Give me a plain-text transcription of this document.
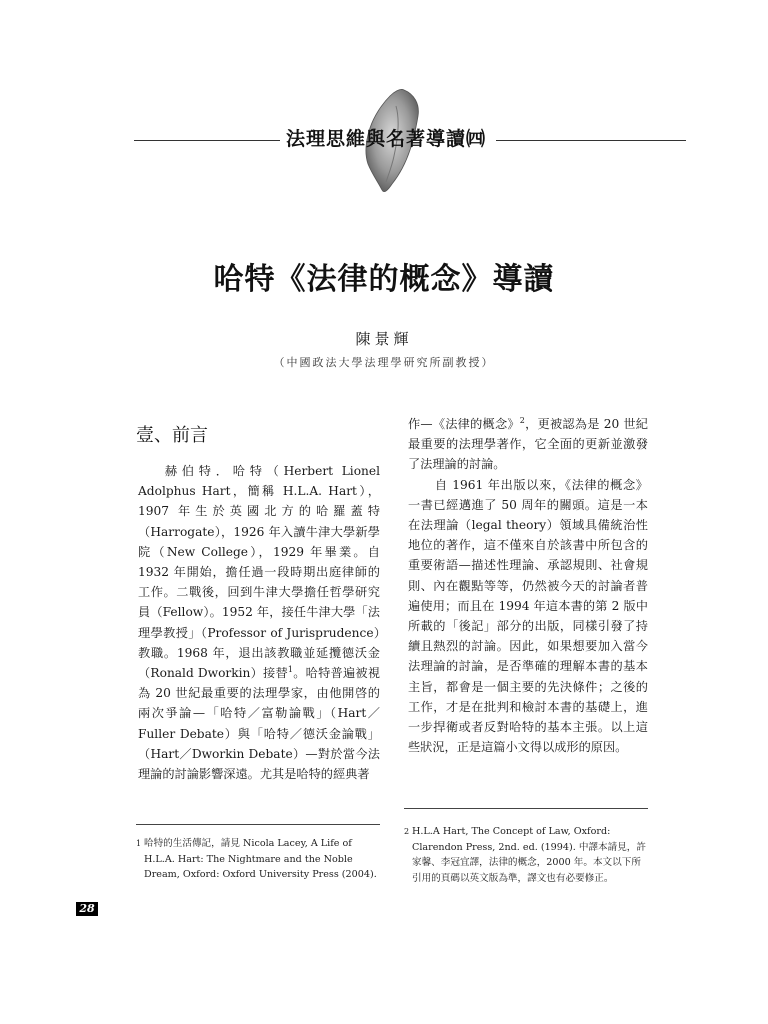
法理思維與名著導讀㈣
哈特《法律的概念》導讀
陳景輝
（中國政法大學法理學研究所副教授）
壹、前言

赫伯特．哈特（Herbert Lionel Adolphus Hart，簡稱 H.L.A. Hart），1907 年生於英國北方的哈羅蓋特（Harrogate），1926 年入讀牛津大學新學院（New College），1929 年畢業。自 1932 年開始，擔任過一段時期出庭律師的工作。二戰後，回到牛津大學擔任哲學研究員（Fellow）。1952 年，接任牛津大學「法理學教授」（Professor of Jurisprudence）教職。1968 年，退出該教職並延攬德沃金（Ronald Dworkin）接替$^1$。哈特普遍被視為 20 世紀最重要的法理學家，由他開啓的兩次爭論—「哈特／富勒論戰」（Hart／Fuller Debate）與「哈特／德沃金論戰」（Hart／Dworkin Debate）—對於當今法理論的討論影響深遠。尤其是哈特的經典著

作—《法律的概念》$^2$，更被認為是 20 世紀最重要的法理學著作，它全面的更新並激發了法理論的討論。

自 1961 年出版以來，《法律的概念》一書已經邁進了 50 周年的關頭。這是一本在法理論（legal theory）領域具備統治性地位的著作，這不僅來自於該書中所包含的重要術語—描述性理論、承認規則、社會規則、內在觀點等等，仍然被今天的討論者普遍使用；而且在 1994 年這本書的第 2 版中所載的「後記」部分的出版，同樣引發了持續且熱烈的討論。因此，如果想要加入當今法理論的討論，是否準確的理解本書的基本主旨，都會是一個主要的先決條件；之後的工作，才是在批判和檢討本書的基礎上，進一步捍衛或者反對哈特的基本主張。以上這些狀況，正是這篇小文得以成形的原因。

1 哈特的生活傳記，請見 Nicola Lacey, A Life of H.L.A. Hart: The Nightmare and the Noble Dream, Oxford: Oxford University Press (2004).
2 H.L.A Hart, The Concept of Law, Oxford: Clarendon Press, 2nd. ed. (1994). 中譯本請見，許家馨、李冠宜譯，法律的概念，2000 年。本文以下所引用的頁碼以英文版為準，譯文也有必要修正。
28
